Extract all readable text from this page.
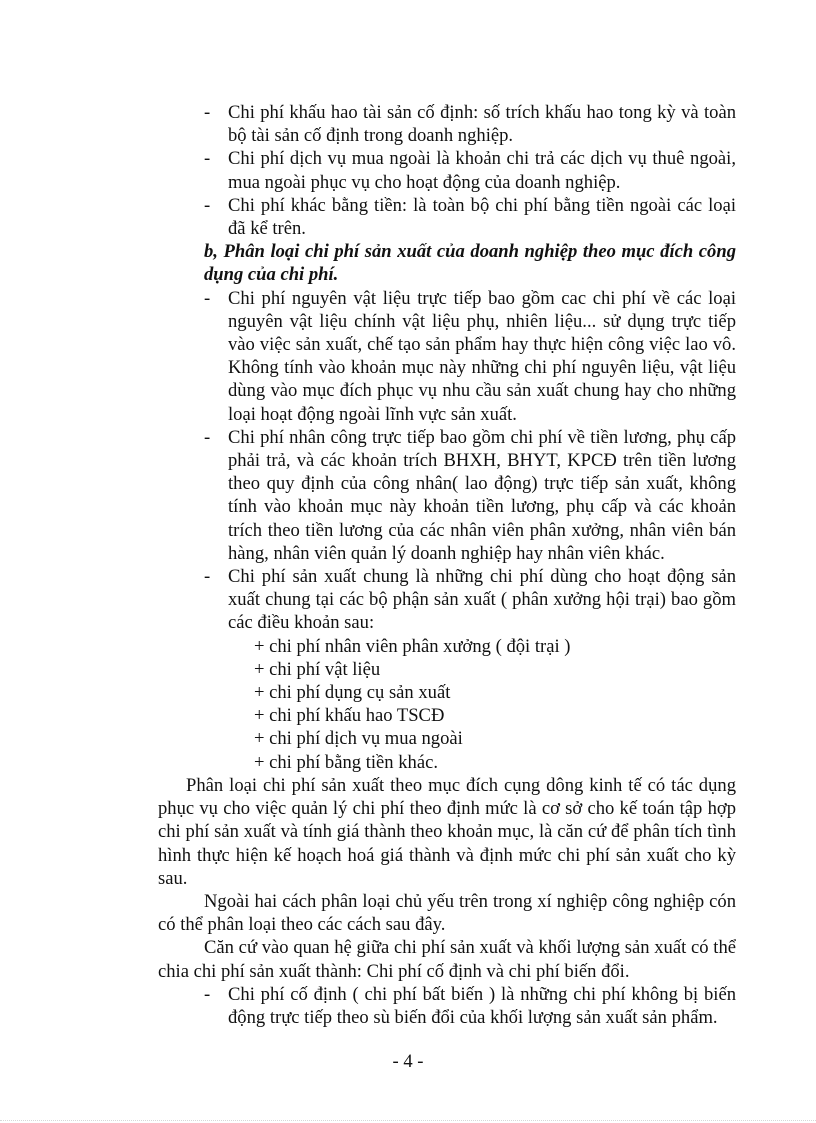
- Chi phí khấu hao tài sản cố định: số trích khấu hao tong kỳ và toàn bộ tài sản cố định trong doanh nghiệp.
- Chi phí dịch vụ mua ngoài là khoản chi trả các dịch vụ thuê ngoài, mua ngoài phục vụ cho hoạt động của doanh nghiệp.
- Chi phí khác bằng tiền: là toàn bộ chi phí bằng tiền ngoài các loại đã kể trên.
b, Phân loại chi phí sản xuất của doanh nghiệp theo mục đích công dụng của chi phí.
- Chi phí nguyên vật liệu trực tiếp bao gồm cac chi phí về các loại nguyên vật liệu chính vật liệu phụ, nhiên liệu... sử dụng trực tiếp vào việc sản xuất, chế tạo sản phẩm hay thực hiện công việc lao vô. Không tính vào khoản mục này những chi phí nguyên liệu, vật liệu dùng vào mục đích phục vụ nhu cầu sản xuất chung hay cho những loại hoạt động ngoài lĩnh vực sản xuất.
- Chi phí nhân công trực tiếp bao gồm chi phí về tiền lương, phụ cấp phải trả, và các khoản trích BHXH, BHYT, KPCĐ trên tiền lương theo quy định của công nhân( lao động) trực tiếp sản xuất, không tính vào khoản mục này khoản tiền lương, phụ cấp và các khoản trích theo tiền lương của các nhân viên phân xưởng, nhân viên bán hàng, nhân viên quản lý doanh nghiệp hay nhân viên khác.
- Chi phí sản xuất chung là những chi phí dùng cho hoạt động sản xuất chung tại các bộ phận sản xuất ( phân xưởng hội trại) bao gồm các điều khoản sau:
+ chi phí nhân viên phân xưởng ( đội trại )
+ chi phí vật liệu
+ chi phí dụng cụ sản xuất
+ chi phí khấu hao TSCĐ
+ chi phí dịch vụ mua ngoài
+ chi phí bằng tiền khác.
Phân loại chi phí sản xuất theo mục đích cụng dông kinh tế có tác dụng phục vụ cho việc quản lý chi phí theo định mức là cơ sở cho kế toán tập hợp chi phí sản xuất và tính giá thành theo khoản mục, là căn cứ để phân tích tình hình thực hiện kế hoạch hoá giá thành và định mức chi phí sản xuất cho kỳ sau.
Ngoài hai cách phân loại chủ yếu trên trong xí nghiệp công nghiệp cón có thể phân loại theo các cách sau đây.
Căn cứ vào quan hệ giữa chi phí sản xuất và khối lượng sản xuất có thể chia chi phí sản xuất thành: Chi phí cố định và chi phí biến đổi.
- Chi phí cố định ( chi phí bất biến ) là những chi phí không bị biến động trực tiếp theo sù biến đổi của khối lượng sản xuất sản phẩm.
- 4 -
